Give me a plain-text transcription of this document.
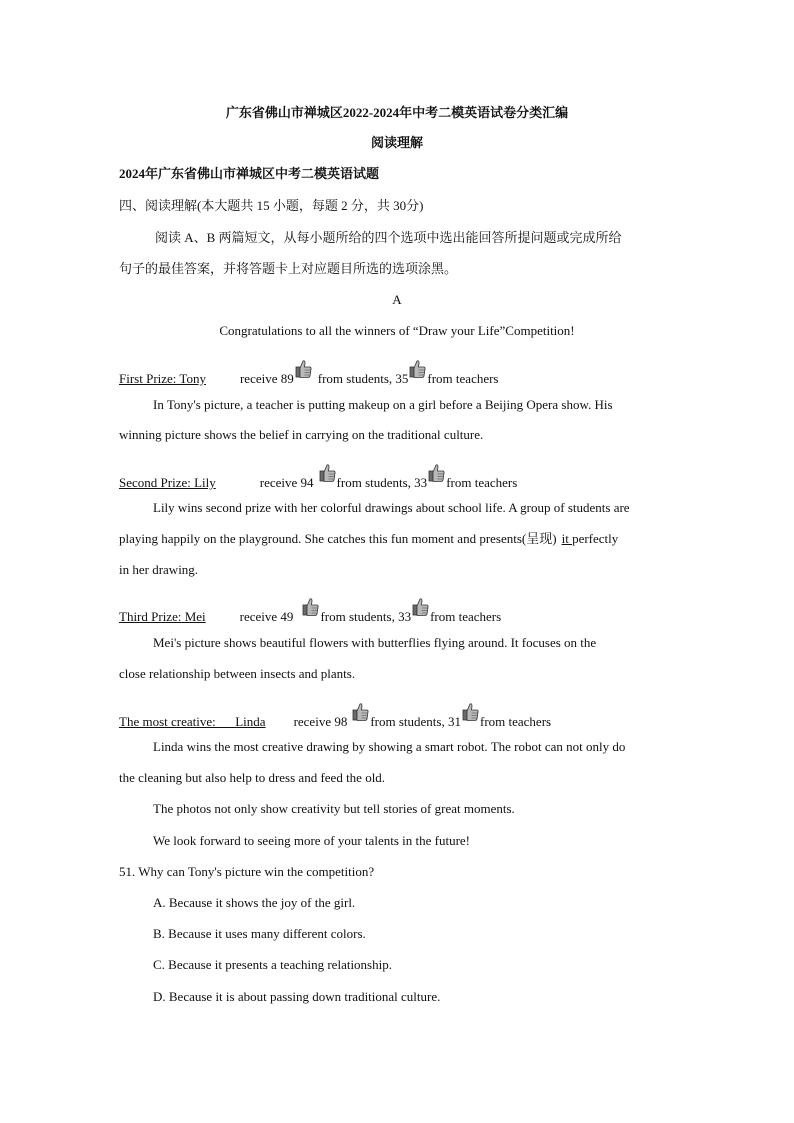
广东省佛山市禅城区2022-2024年中考二模英语试卷分类汇编
阅读理解
2024年广东省佛山市禅城区中考二模英语试题
四、阅读理解(本大题共 15 小题，每题 2 分，共 30分)
阅读 A、B 两篇短文，从每小题所给的四个选项中选出能回答所提问题或完成所给
句子的最佳答案，并将答题卡上对应题目所选的选项涂黑。
A
Congratulations to all the winners of “Draw your Life”Competition!
First Prize: Tony	receive 89 from students, 35 from teachers
In Tony's picture, a teacher is putting makeup on a girl before a Beijing Opera show. His
winning picture shows the belief in carrying on the traditional culture.
Second Prize: Lily	receive 94 from students, 33 from teachers
Lily wins second prize with her colorful drawings about school life. A group of students are
playing happily on the playground. She catches this fun moment and presents(呈现) it perfectly
in her drawing.
Third Prize: Mei	receive 49 from students, 33 from teachers
Mei's picture shows beautiful flowers with butterflies flying around. It focuses on the
close relationship between insects and plants.
The most creative:      Linda receive 98 from students, 31 from teachers
Linda wins the most creative drawing by showing a smart robot. The robot can not only do
the cleaning but also help to dress and feed the old.
The photos not only show creativity but tell stories of great moments.
We look forward to seeing more of your talents in the future!
51. Why can Tony's picture win the competition?
A. Because it shows the joy of the girl.
B. Because it uses many different colors.
C. Because it presents a teaching relationship.
D. Because it is about passing down traditional culture.
